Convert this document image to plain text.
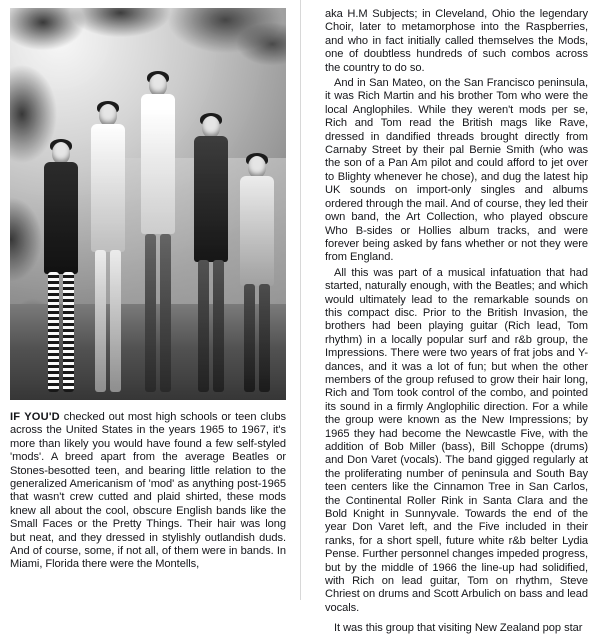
IF YOU'D checked out most high schools or teen clubs across the United States in the years 1965 to 1967, it's more than likely you would have found a few self-styled 'mods'. A breed apart from the average Beatles or Stones-besotted teen, and bearing little relation to the generalized Americanism of 'mod' as anything post-1965 that wasn't crew cutted and plaid shirted, these mods knew all about the cool, obscure English bands like the Small Faces or the Pretty Things. Their hair was long but neat, and they dressed in stylishly outlandish duds. And of course, some, if not all, of them were in bands. In Miami, Florida there were the Montells,

aka H.M Subjects; in Cleveland, Ohio the legendary Choir, later to metamorphose into the Raspberries, and who in fact initially called themselves the Mods, one of doubtless hundreds of such combos across the country to do so.

And in San Mateo, on the San Francisco peninsula, it was Rich Martin and his brother Tom who were the local Anglophiles. While they weren't mods per se, Rich and Tom read the British mags like Rave, dressed in dandified threads brought directly from Carnaby Street by their pal Bernie Smith (who was the son of a Pan Am pilot and could afford to jet over to Blighty whenever he chose), and dug the latest hip UK sounds on import-only singles and albums ordered through the mail. And of course, they led their own band, the Art Collection, who played obscure Who B-sides or Hollies album tracks, and were forever being asked by fans whether or not they were from England.

All this was part of a musical infatuation that had started, naturally enough, with the Beatles; and which would ultimately lead to the remarkable sounds on this compact disc. Prior to the British Invasion, the brothers had been playing guitar (Rich lead, Tom rhythm) in a locally popular surf and r&b group, the Impressions. There were two years of frat jobs and Y-dances, and it was a lot of fun; but when the other members of the group refused to grow their hair long, Rich and Tom took control of the combo, and pointed its sound in a firmly Anglophilic direction. For a while the group were known as the New Impressions; by 1965 they had become the Newcastle Five, with the addition of Bob Miller (bass), Bill Schoppe (drums) and Don Varet (vocals). The band gigged regularly at the proliferating number of peninsula and South Bay teen centers like the Cinnamon Tree in San Carlos, the Continental Roller Rink in Santa Clara and the Bold Knight in Sunnyvale. Towards the end of the year Don Varet left, and the Five included in their ranks, for a short spell, future white r&b belter Lydia Pense. Further personnel changes impeded progress, but by the middle of 1966 the line-up had solidified, with Rich on lead guitar, Tom on rhythm, Steve Chriest on drums and Scott Arbulich on bass and lead vocals.

It was this group that visiting New Zealand pop star
